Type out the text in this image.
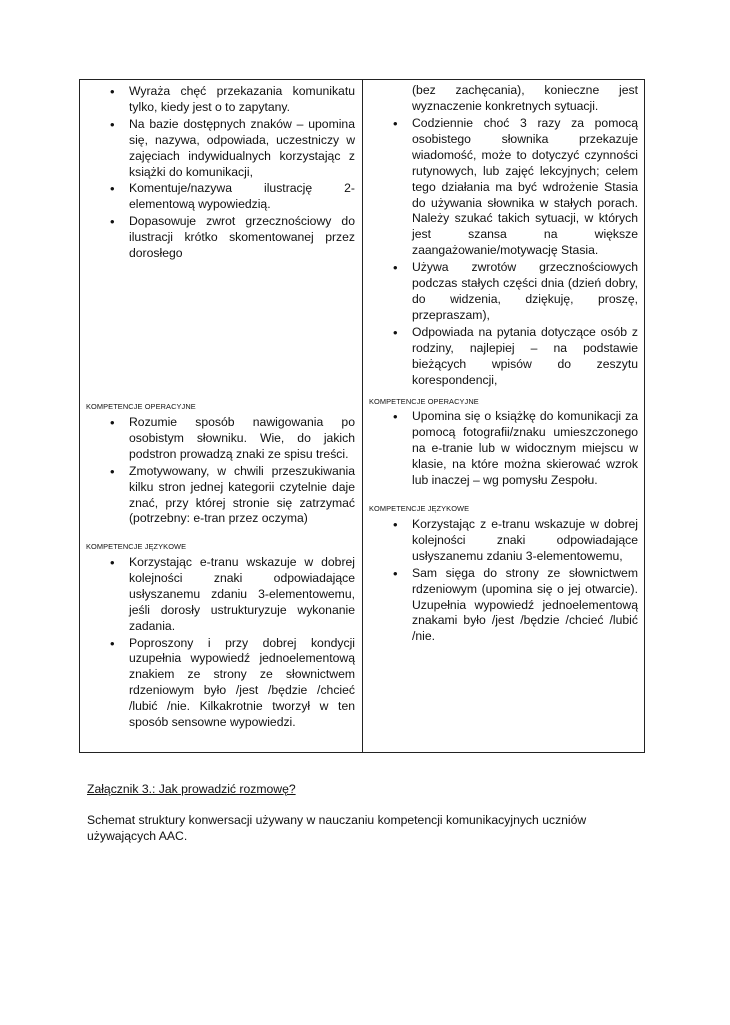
• Wyraża chęć przekazania komunikatu tylko, kiedy jest o to zapytany.
• Na bazie dostępnych znaków – upomina się, nazywa, odpowiada, uczestniczy w zajęciach indywidualnych korzystając z książki do komunikacji,
• Komentuje/nazywa ilustrację 2-elementową wypowiedzią.
• Dopasowuje zwrot grzecznościowy do ilustracji krótko skomentowanej przez dorosłego
KOMPETENCJE OPERACYJNE
• Rozumie sposób nawigowania po osobistym słowniku. Wie, do jakich podstron prowadzą znaki ze spisu treści.
• Zmotywowany, w chwili przeszukiwania kilku stron jednej kategorii czytelnie daje znać, przy której stronie się zatrzymać (potrzebny: e-tran przez oczyma)
KOMPETENCJE JĘZYKOWE
• Korzystając e-tranu wskazuje w dobrej kolejności znaki odpowiadające usłyszanemu zdaniu 3-elementowemu, jeśli dorosły ustrukturyzuje wykonanie zadania.
• Poproszony i przy dobrej kondycji uzupełnia wypowiedź jednoelementową znakiem ze strony ze słownictwem rdzeniowym było /jest /będzie /chcieć /lubić /nie. Kilkakrotnie tworzył w ten sposób sensowne wypowiedzi.
(bez zachęcania), konieczne jest wyznaczenie konkretnych sytuacji.
• Codziennie choć 3 razy za pomocą osobistego słownika przekazuje wiadomość, może to dotyczyć czynności rutynowych, lub zajęć lekcyjnych; celem tego działania ma być wdrożenie Stasia do używania słownika w stałych porach. Należy szukać takich sytuacji, w których jest szansa na większe zaangażowanie/motywację Stasia.
• Używa zwrotów grzecznościowych podczas stałych części dnia (dzień dobry, do widzenia, dziękuję, proszę, przepraszam),
• Odpowiada na pytania dotyczące osób z rodziny, najlepiej – na podstawie bieżących wpisów do zeszytu korespondencji,
KOMPETENCJE OPERACYJNE
• Upomina się o książkę do komunikacji za pomocą fotografii/znaku umieszczonego na e-tranie lub w widocznym miejscu w klasie, na które można skierować wzrok lub inaczej – wg pomysłu Zespołu.
KOMPETENCJE JĘZYKOWE
• Korzystając z e-tranu wskazuje w dobrej kolejności znaki odpowiadające usłyszanemu zdaniu 3-elementowemu,
• Sam sięga do strony ze słownictwem rdzeniowym (upomina się o jej otwarcie). Uzupełnia wypowiedź jednoelementową znakami było /jest /będzie /chcieć /lubić /nie.
Załącznik 3.: Jak prowadzić rozmowę?
Schemat struktury konwersacji używany w nauczaniu kompetencji komunikacyjnych uczniów używających AAC.
